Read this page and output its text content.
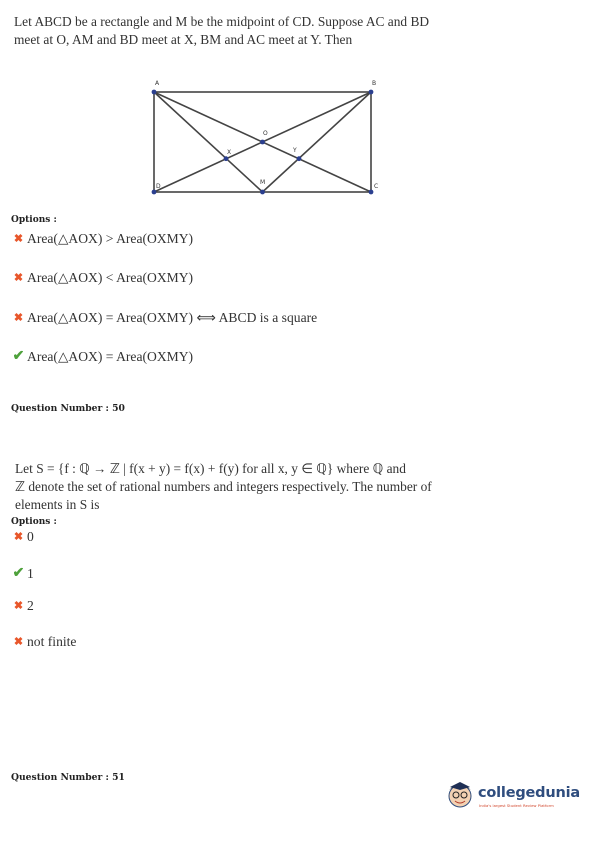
Let ABCD be a rectangle and M be the midpoint of CD. Suppose AC and BD
meet at O, AM and BD meet at X, BM and AC meet at Y. Then
A	B
C
D
M
O
X	Y
Options :
✖ Area(△AOX) > Area(OXMY)
✖ Area(△AOX) < Area(OXMY)
✖ Area(△AOX) = Area(OXMY) ⟺ ABCD is a square
✔ Area(△AOX) = Area(OXMY)
Question Number : 50
Let S = {f : ℚ → ℤ | f(x + y) = f(x) + f(y) for all x, y ∈ ℚ} where ℚ and
ℤ denote the set of rational numbers and integers respectively. The number of
elements in S is
Options :
✖ 0
✔ 1
✖ 2
✖ not finite
Question Number : 51
collegedunia
India's largest Student Review Platform
